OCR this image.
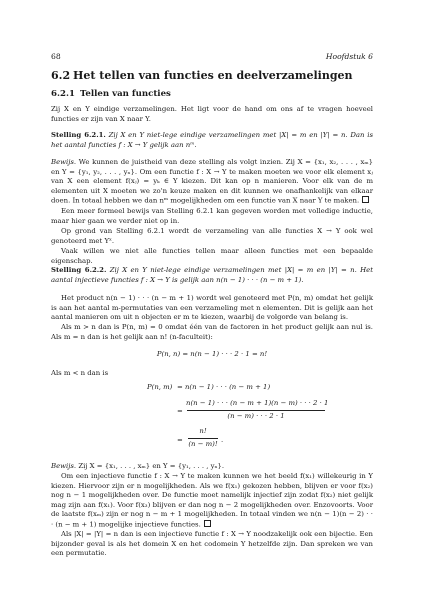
68	Hoofdstuk 6
6.2 Het tellen van functies en deelverzamelingen
6.2.1 Tellen van functies
Zij X en Y eindige verzamelingen. Het ligt voor de hand om ons af te vragen hoeveel functies er zijn van X naar Y.
Stelling 6.2.1. Zij X en Y niet-lege eindige verzamelingen met |X| = m en |Y| = n. Dan is het aantal functies f : X → Y gelijk aan nᵐ.
Bewijs. We kunnen de juistheid van deze stelling als volgt inzien. Zij X = {x₁, x₂, . . . , xₘ} en Y = {y₁, y₂, . . . , yₙ}. Om een functie f : X → Y te maken moeten we voor elk element xⱼ van X een element f(xⱼ) = yₖ ∈ Y kiezen. Dit kan op n manieren. Voor elk van de m elementen uit X moeten we zo'n keuze maken en dit kunnen we onafhankelijk van elkaar doen. In totaal hebben we dan nᵐ mogelijkheden om een functie van X naar Y te maken.
Een meer formeel bewijs van Stelling 6.2.1 kan gegeven worden met volledige inductie, maar hier gaan we verder niet op in.
Op grond van Stelling 6.2.1 wordt de verzameling van alle functies X → Y ook wel genoteerd met Yˣ.
Vaak willen we niet alle functies tellen maar alleen functies met een bepaalde eigenschap.
Stelling 6.2.2. Zij X en Y niet-lege eindige verzamelingen met |X| = m en |Y| = n. Het aantal injectieve functies f : X → Y is gelijk aan n(n − 1) · · · (n − m + 1).
Het product n(n − 1) · · · (n − m + 1) wordt wel genoteerd met P(n, m) omdat het gelijk is aan het aantal m-permutaties van een verzameling met n elementen. Dit is gelijk aan het aantal manieren om uit n objecten er m te kiezen, waarbij de volgorde van belang is.
Als m > n dan is P(n, m) = 0 omdat één van de factoren in het product gelijk aan nul is. Als m = n dan is het gelijk aan n! (n-faculteit):
P(n, n) = n(n − 1) · · · 2 · 1 = n!
Als m < n dan is
P(n, m) = n(n − 1) · · · (n − m + 1)
=
n(n − 1) · · · (n − m + 1)(n − m) · · · 2 · 1
(n − m) · · · 2 · 1
=
n!
(n − m)! .
Bewijs. Zij X = {x₁, . . . , xₘ} en Y = {y₁, . . . , yₙ}.
Om een injectieve functie f : X → Y te maken kunnen we het beeld f(x₁) willekeurig in Y kiezen. Hiervoor zijn er n mogelijkheden. Als we f(x₁) gekozen hebben, blijven er voor f(x₂) nog n − 1 mogelijkheden over. De functie moet namelijk injectief zijn zodat f(x₂) niet gelijk mag zijn aan f(x₁). Voor f(x₃) blijven er dan nog n − 2 mogelijkheden over. Enzovoorts. Voor de laatste f(xₘ) zijn er nog n − m + 1 mogelijkheden. In totaal vinden we n(n − 1)(n − 2) · · · (n − m + 1) mogelijke injectieve functies.
Als |X| = |Y| = n dan is een injectieve functie f : X → Y noodzakelijk ook een bijectie. Een bijzonder geval is als het domein X en het codomein Y hetzelfde zijn. Dan spreken we van een permutatie.
